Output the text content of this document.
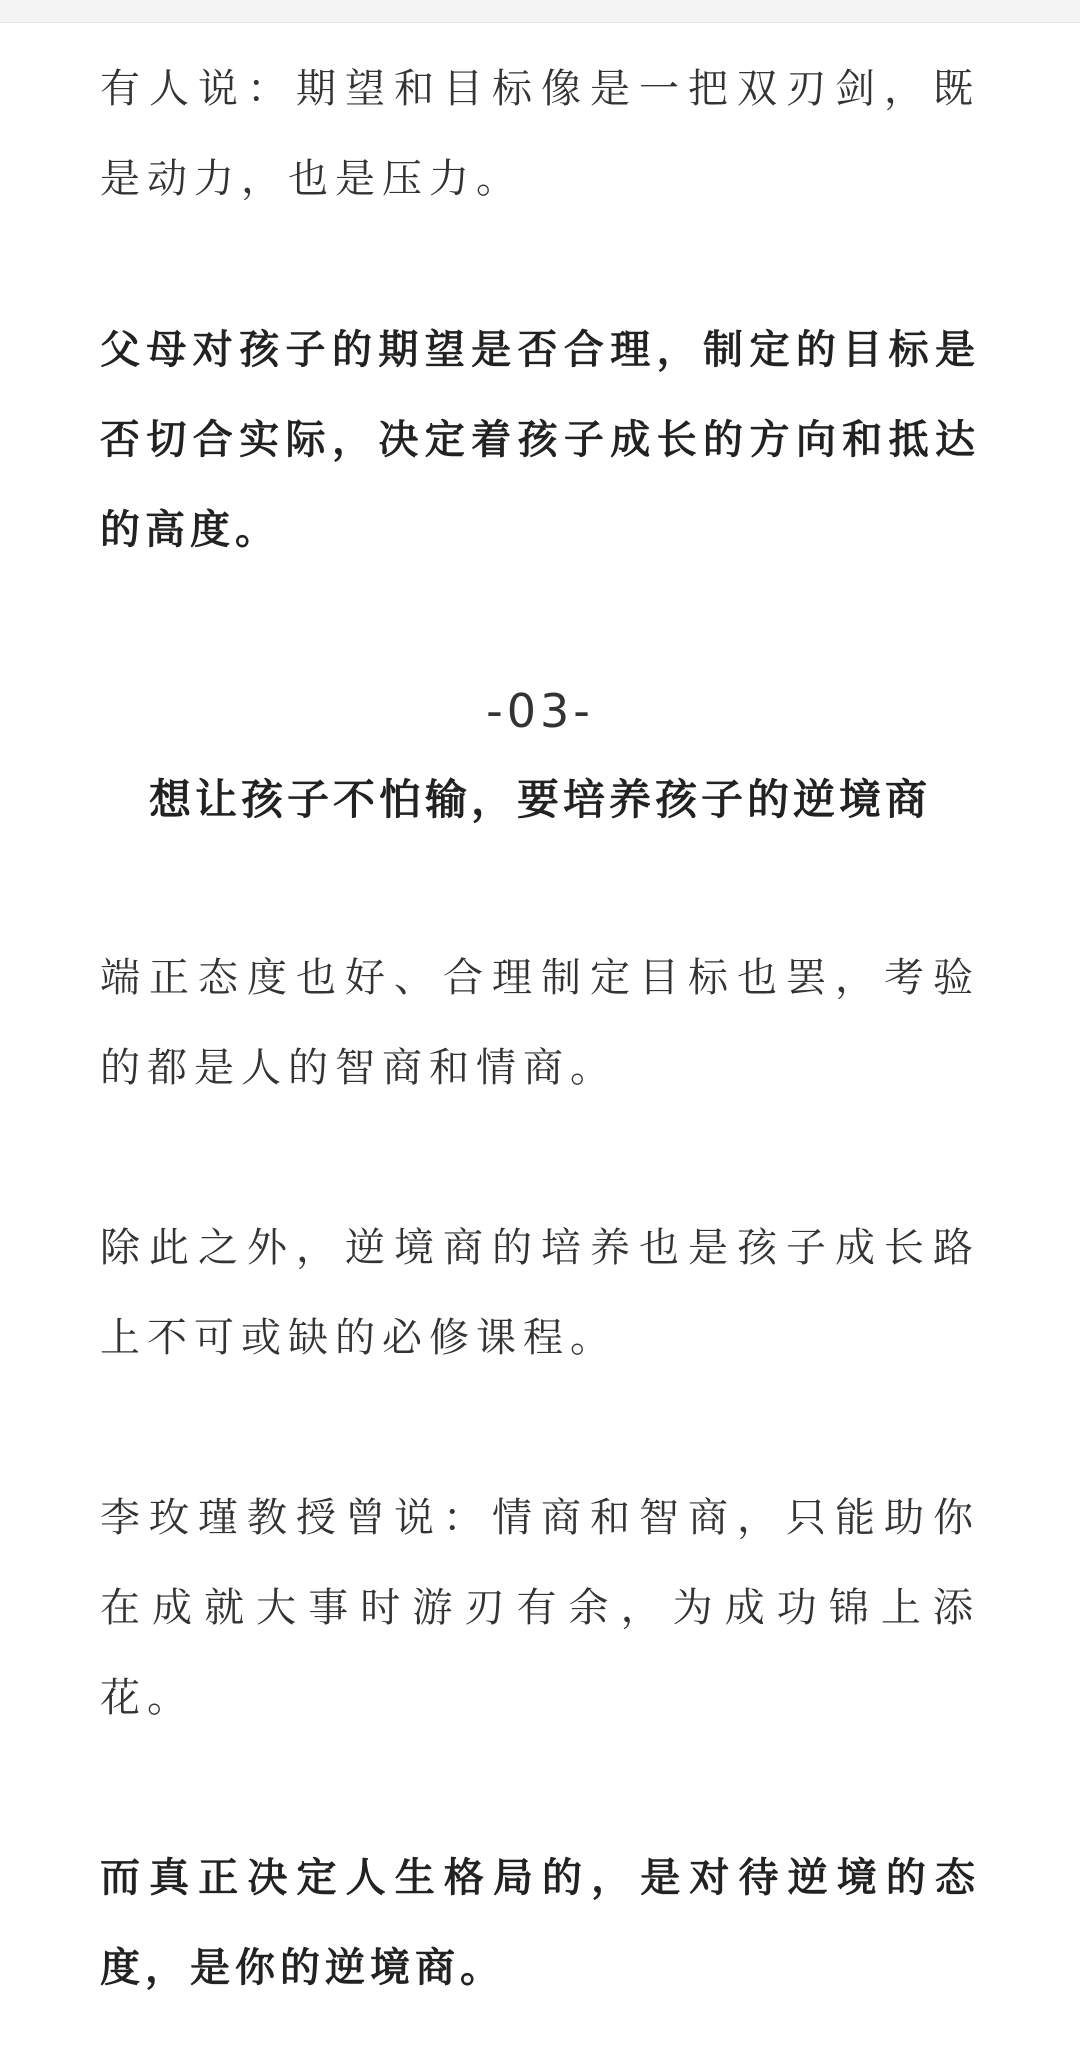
有人说：期望和目标像是一把双刃剑，既是动力，也是压力。

父母对孩子的期望是否合理，制定的目标是否切合实际，决定着孩子成长的方向和抵达的高度。

-03-
想让孩子不怕输，要培养孩子的逆境商

端正态度也好、合理制定目标也罢，考验的都是人的智商和情商。

除此之外，逆境商的培养也是孩子成长路上不可或缺的必修课程。

李玫瑾教授曾说：情商和智商，只能助你在成就大事时游刃有余，为成功锦上添花。

而真正决定人生格局的，是对待逆境的态度，是你的逆境商。
